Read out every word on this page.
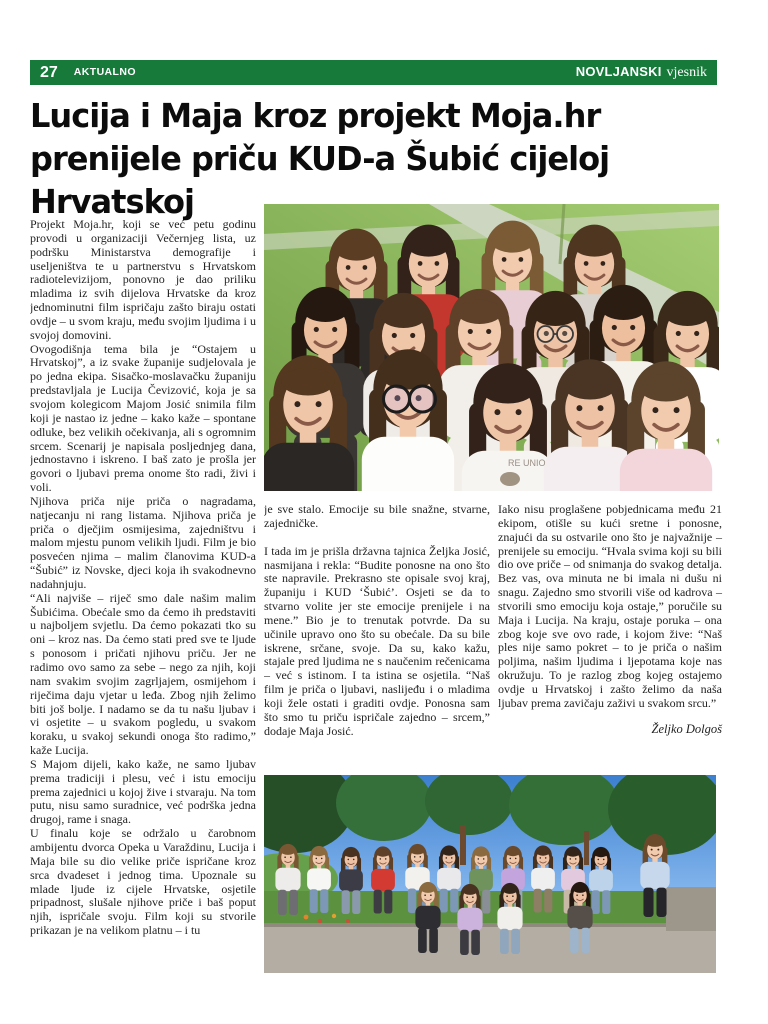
27 AKTUALNO	NOVLJANSKI vjesnik
Lucija i Maja kroz projekt Moja.hr prenijele priču KUD-a Šubić cijeloj Hrvatskoj
RE UNIO

Projekt Moja.hr, koji se već petu godinu provodi u organizaciji Večernjeg lista, uz podršku Ministarstva demografije i useljeništva te u partnerstvu s Hrvatskom radiotelevizijom, ponovno je dao priliku mladima iz svih dijelova Hrvatske da kroz jednominutni film ispričaju zašto biraju ostati ovdje – u svom kraju, među svojim ljudima i u svojoj domovini.

Ovogodišnja tema bila je “Ostajem u Hrvatskoj”, a iz svake županije sudjelovala je po jedna ekipa. Sisačko-moslavačku županiju predstavljala je Lucija Čevizović, koja je sa svojom kolegicom Majom Josić snimila film koji je nastao iz jedne – kako kaže – spontane odluke, bez velikih očekivanja, ali s ogromnim srcem. Scenarij je napisala posljednjeg dana, jednostavno i iskreno. I baš zato je prošla jer govori o ljubavi prema onome što radi, živi i voli.

Njihova priča nije priča o nagradama, natjecanju ni rang listama. Njihova priča je priča o dječjim osmijesima, zajedništvu i malom mjestu punom velikih ljudi. Film je bio posvećen njima – malim članovima KUD-a “Šubić” iz Novske, djeci koja ih svakodnevno nadahnjuju.

“Ali najviše – riječ smo dale našim malim Šubićima. Obećale smo da ćemo ih predstaviti u najboljem svjetlu. Da ćemo pokazati tko su oni – kroz nas. Da ćemo stati pred sve te ljude s ponosom i pričati njihovu priču. Jer ne radimo ovo samo za sebe – nego za njih, koji nam svakim svojim zagrljajem, osmijehom i riječima daju vjetar u leđa. Zbog njih želimo biti još bolje. I nadamo se da tu našu ljubav i vi osjetite – u svakom pogledu, u svakom koraku, u svakoj sekundi onoga što radimo,” kaže Lucija.

S Majom dijeli, kako kaže, ne samo ljubav prema tradiciji i plesu, već i istu emociju prema zajednici u kojoj žive i stvaraju. Na tom putu, nisu samo suradnice, već podrška jedna drugoj, rame i snaga.

U finalu koje se održalo u čarobnom ambijentu dvorca Opeka u Varaždinu, Lucija i Maja bile su dio velike priče ispričane kroz srca dvadeset i jednog tima. Upoznale su mlade ljude iz cijele Hrvatske, osjetile pripadnost, slušale njihove priče i baš poput njih, ispričale svoju. Film koji su stvorile prikazan je na velikom platnu – i tu

je sve stalo. Emocije su bile snažne, stvarne, zajedničke.

I tada im je prišla državna tajnica Željka Josić, nasmijana i rekla: “Budite ponosne na ono što ste napravile. Prekrasno ste opisale svoj kraj, županiju i KUD ‘Šubić’. Osjeti se da to stvarno volite jer ste emocije prenijele i na mene.” Bio je to trenutak potvrde. Da su učinile upravo ono što su obećale. Da su bile iskrene, srčane, svoje. Da su, kako kažu, stajale pred ljudima ne s naučenim rečenicama – već s istinom. I ta istina se osjetila. “Naš film je priča o ljubavi, naslijeđu i o mladima koji žele ostati i graditi ovdje. Ponosna sam što smo tu priču ispričale zajedno – srcem,” dodaje Maja Josić.

Iako nisu proglašene pobjednicama među 21 ekipom, otišle su kući sretne i ponosne, znajući da su ostvarile ono što je najvažnije – prenijele su emociju. “Hvala svima koji su bili dio ove priče – od snimanja do svakog detalja. Bez vas, ova minuta ne bi imala ni dušu ni snagu. Zajedno smo stvorili više od kadrova – stvorili smo emociju koja ostaje,” poručile su Maja i Lucija. Na kraju, ostaje poruka – ona zbog koje sve ovo rade, i kojom žive: “Naš ples nije samo pokret – to je priča o našim poljima, našim ljudima i ljepotama koje nas okružuju. To je razlog zbog kojeg ostajemo ovdje u Hrvatskoj i zašto želimo da naša ljubav prema zavičaju zaživi u svakom srcu.”

Željko Dolgoš
